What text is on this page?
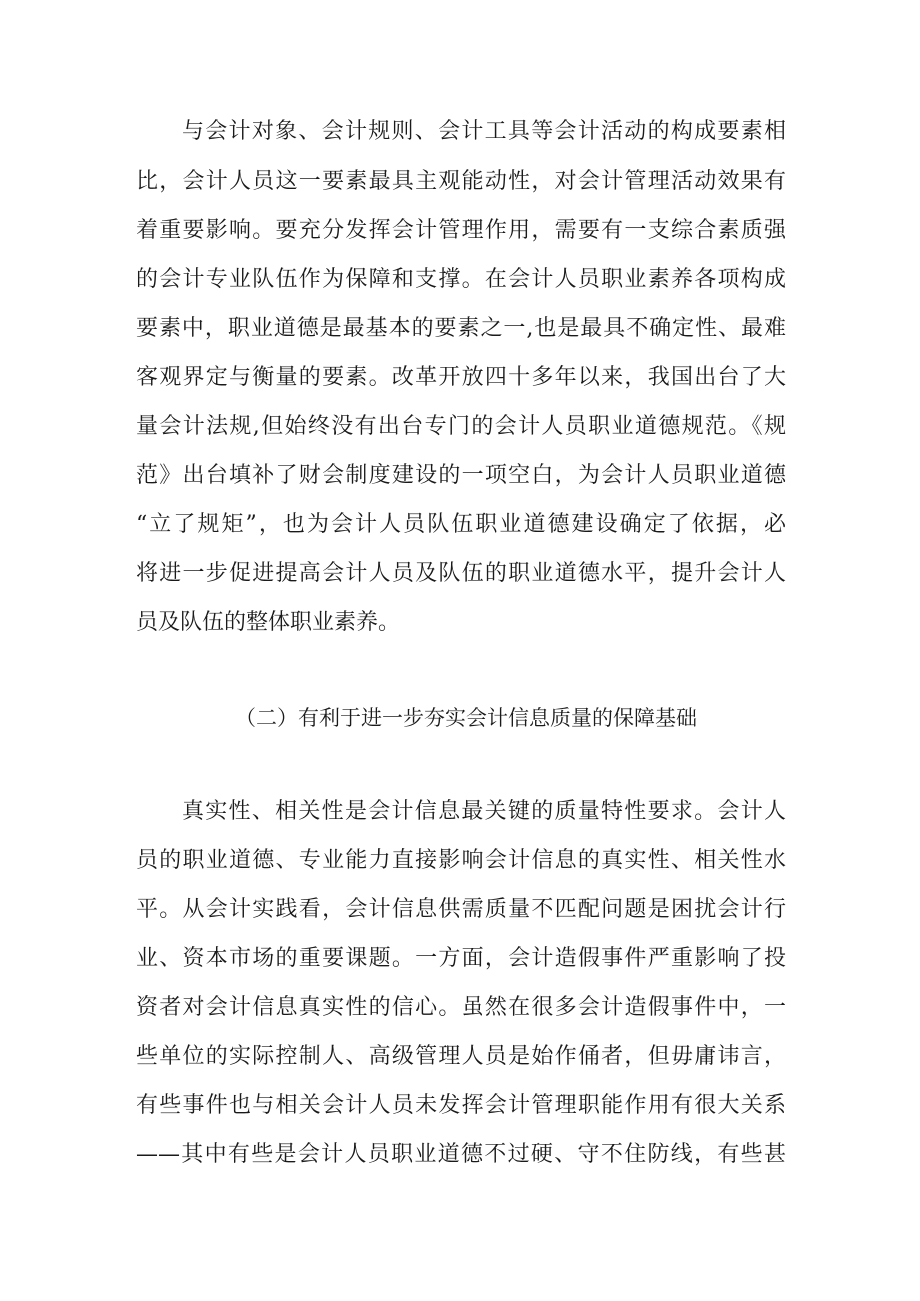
与会计对象、会计规则、会计工具等会计活动的构成要素相
比，会计人员这一要素最具主观能动性，对会计管理活动效果有
着重要影响。要充分发挥会计管理作用，需要有一支综合素质强
的会计专业队伍作为保障和支撑。在会计人员职业素养各项构成
要素中，职业道德是最基本的要素之一,也是最具不确定性、最难
客观界定与衡量的要素。改革开放四十多年以来，我国出台了大
量会计法规,但始终没有出台专门的会计人员职业道德规范。《规
范》出台填补了财会制度建设的一项空白，为会计人员职业道德
“立了规矩”，也为会计人员队伍职业道德建设确定了依据，必
将进一步促进提高会计人员及队伍的职业道德水平，提升会计人
员及队伍的整体职业素养。
（二）有利于进一步夯实会计信息质量的保障基础
真实性、相关性是会计信息最关键的质量特性要求。会计人
员的职业道德、专业能力直接影响会计信息的真实性、相关性水
平。从会计实践看，会计信息供需质量不匹配问题是困扰会计行
业、资本市场的重要课题。一方面，会计造假事件严重影响了投
资者对会计信息真实性的信心。虽然在很多会计造假事件中，一
些单位的实际控制人、高级管理人员是始作俑者，但毋庸讳言，
有些事件也与相关会计人员未发挥会计管理职能作用有很大关系
——其中有些是会计人员职业道德不过硬、守不住防线，有些甚
